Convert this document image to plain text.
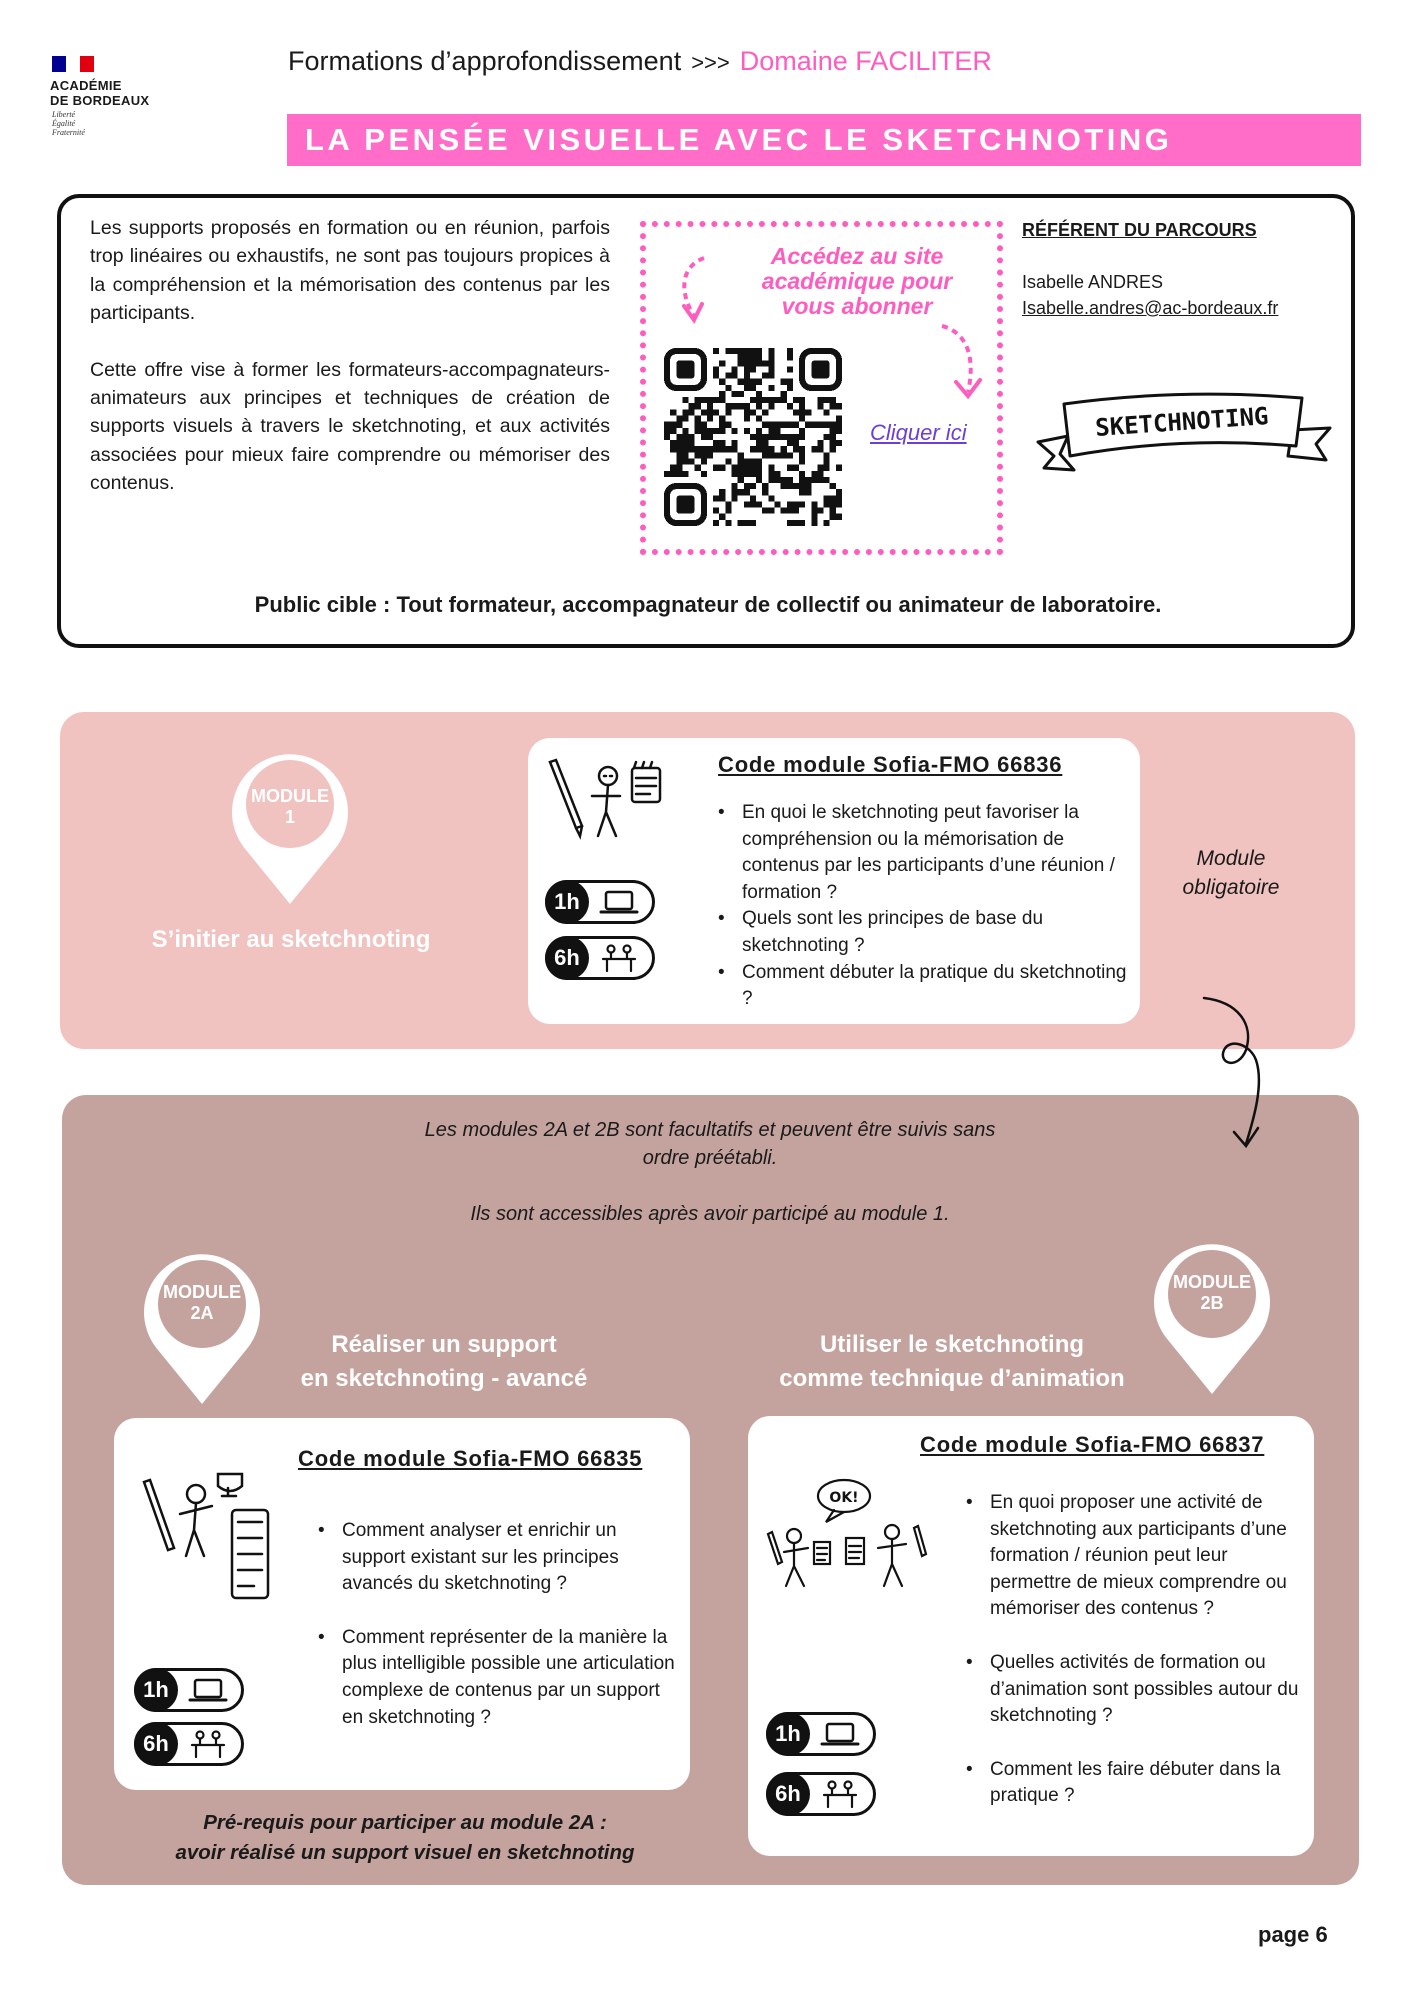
ACADÉMIE
DE BORDEAUX
Liberté
Égalité
Fraternité
Formations d’approfondissement >>> Domaine FACILITER
LA PENSÉE VISUELLE AVEC LE SKETCHNOTING

Les supports proposés en formation ou en réunion, parfois trop linéaires ou exhaustifs, ne sont pas toujours propices à la compréhension et la mémorisation des contenus par les participants.

Cette offre vise à former les formateurs-accompagnateurs-animateurs aux principes et techniques de création de supports visuels à travers le sketchnoting, et aux activités associées pour mieux faire comprendre ou mémoriser des contenus.

Accédez au site
académique pour
vous abonner
Cliquer ici
RÉFÉRENT DU PARCOURS
Isabelle ANDRES
Isabelle.andres@ac-bordeaux.fr
SKETCHNOTING
Public cible : Tout formateur, accompagnateur de collectif ou animateur de laboratoire.
MODULE
1
S’initier au sketchnoting
Code module Sofia-FMO 66836
• En quoi le sketchnoting peut favoriser la compréhension ou la mémorisation de contenus par les participants d’une réunion / formation ?
• Quels sont les principes de base du sketchnoting ?
• Comment débuter la pratique du sketchnoting ?
1h
6h
Module
obligatoire
Les modules 2A et 2B sont facultatifs et peuvent être suivis sans
ordre préétabli.
Ils sont accessibles après avoir participé au module 1.
MODULE
2A
Réaliser un support
en sketchnoting - avancé
Code module Sofia-FMO 66835
• Comment analyser et enrichir un support existant sur les principes avancés du sketchnoting ?
• Comment représenter de la manière la plus intelligible possible une articulation complexe de contenus par un support en sketchnoting ?
1h
6h
Pré-requis pour participer au module 2A :
avoir réalisé un support visuel en sketchnoting
MODULE
2B
Utiliser le sketchnoting
comme technique d’animation
OK!
Code module Sofia-FMO 66837
• En quoi proposer une activité de sketchnoting aux participants d’une formation / réunion peut leur permettre de mieux comprendre ou mémoriser des contenus ?
• Quelles activités de formation ou d’animation sont possibles autour du sketchnoting ?
• Comment les faire débuter dans la pratique ?
1h
6h
page 6
